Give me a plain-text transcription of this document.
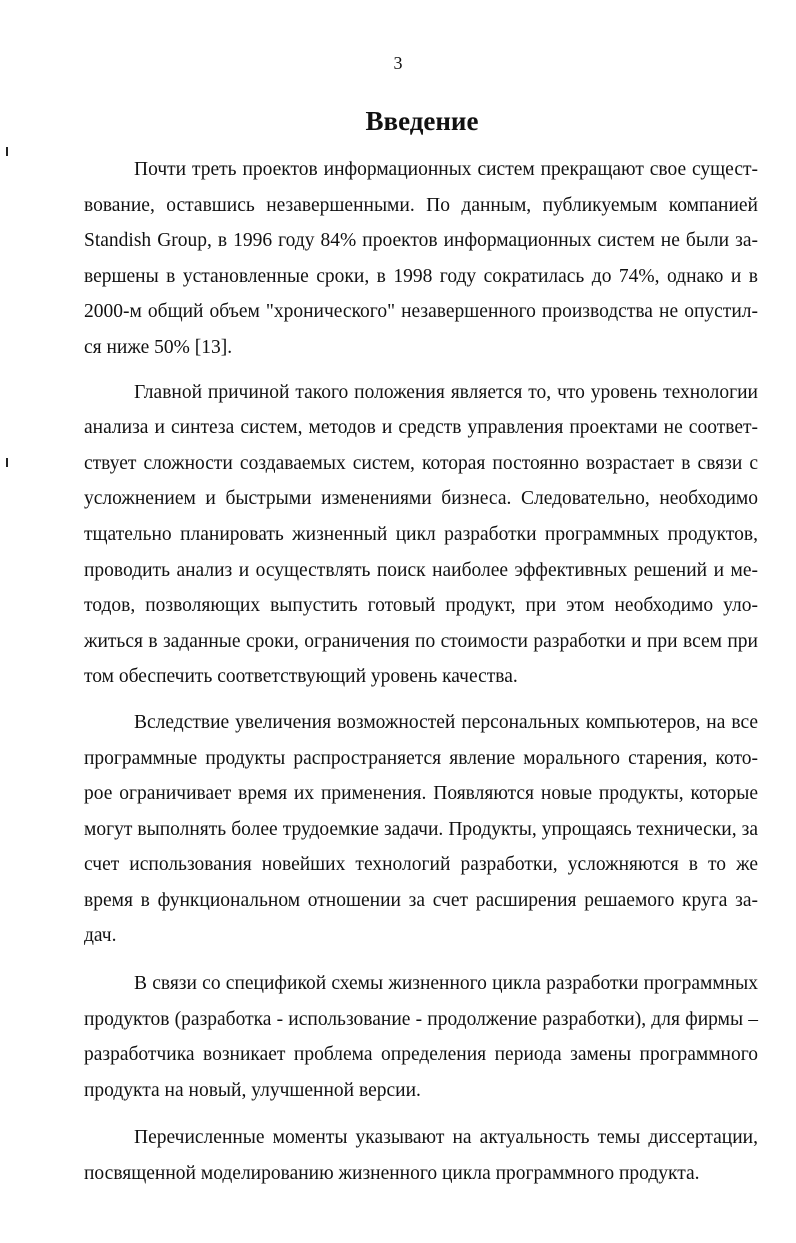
3
Введение

Почти треть проектов информационных систем прекращают свое существование, оставшись незавершенными. По данным, публикуемым компанией Standish Group, в 1996 году 84% проектов информационных систем не были завершены в установленные сроки, в 1998 году сократилась до 74%, однако и в 2000-м общий объем "хронического" незавершенного производства не опустился ниже 50% [13].

Главной причиной такого положения является то, что уровень технологии анализа и синтеза систем, методов и средств управления проектами не соответствует сложности создаваемых систем, которая постоянно возрастает в связи с усложнением и быстрыми изменениями бизнеса. Следовательно, необходимо тщательно планировать жизненный цикл разработки программных продуктов, проводить анализ и осуществлять поиск наиболее эффективных решений и методов, позволяющих выпустить готовый продукт, при этом необходимо уложиться в заданные сроки, ограничения по стоимости разработки и при всем при том обеспечить соответствующий уровень качества.

Вследствие увеличения возможностей персональных компьютеров, на все программные продукты распространяется явление морального старения, которое ограничивает время их применения. Появляются новые продукты, которые могут выполнять более трудоемкие задачи. Продукты, упрощаясь технически, за счет использования новейших технологий разработки, усложняются в то же время в функциональном отношении за счет расширения решаемого круга задач.

В связи со спецификой схемы жизненного цикла разработки программных продуктов (разработка - использование - продолжение разработки), для фирмы – разработчика возникает проблема определения периода замены программного продукта на новый, улучшенной версии.

Перечисленные моменты указывают на актуальность темы диссертации, посвященной моделированию жизненного цикла программного продукта.
